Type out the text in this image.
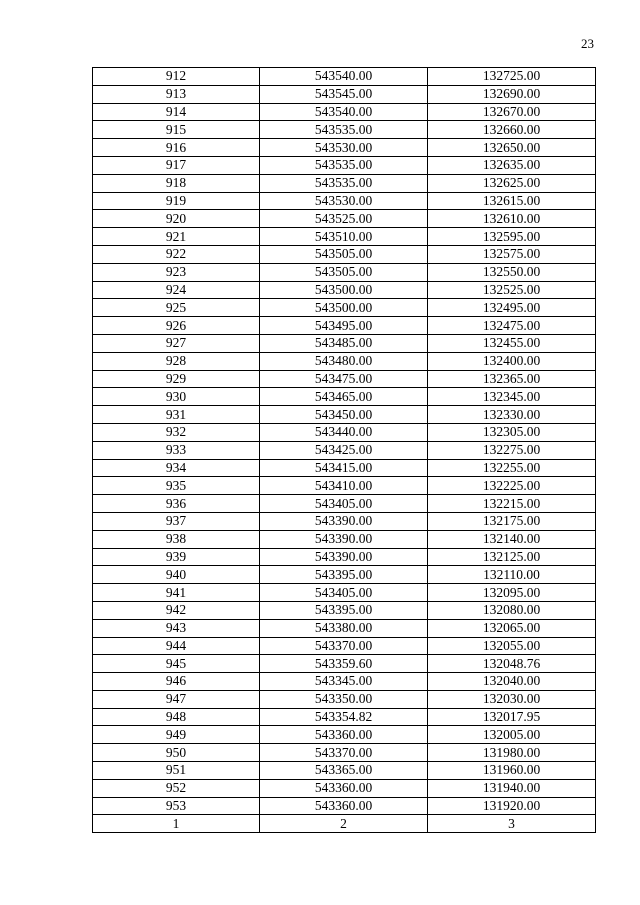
23
912	543540.00	132725.00
913	543545.00	132690.00
914	543540.00	132670.00
915	543535.00	132660.00
916	543530.00	132650.00
917	543535.00	132635.00
918	543535.00	132625.00
919	543530.00	132615.00
920	543525.00	132610.00
921	543510.00	132595.00
922	543505.00	132575.00
923	543505.00	132550.00
924	543500.00	132525.00
925	543500.00	132495.00
926	543495.00	132475.00
927	543485.00	132455.00
928	543480.00	132400.00
929	543475.00	132365.00
930	543465.00	132345.00
931	543450.00	132330.00
932	543440.00	132305.00
933	543425.00	132275.00
934	543415.00	132255.00
935	543410.00	132225.00
936	543405.00	132215.00
937	543390.00	132175.00
938	543390.00	132140.00
939	543390.00	132125.00
940	543395.00	132110.00
941	543405.00	132095.00
942	543395.00	132080.00
943	543380.00	132065.00
944	543370.00	132055.00
945	543359.60	132048.76
946	543345.00	132040.00
947	543350.00	132030.00
948	543354.82	132017.95
949	543360.00	132005.00
950	543370.00	131980.00
951	543365.00	131960.00
952	543360.00	131940.00
953	543360.00	131920.00
1	2	3
